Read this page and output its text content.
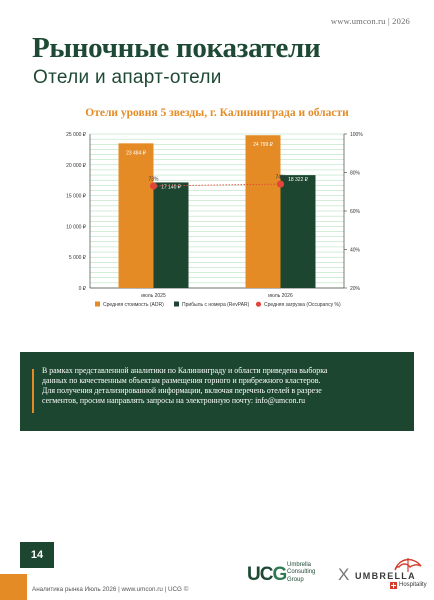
www.umcon.ru | 2026
Рыночные показатели
Отели и апарт-отели
Отели уровня 5 звезды, г. Калининграда и области
0 ₽
5 000 ₽
10 000 ₽
15 000 ₽
20 000 ₽
25 000 ₽
20%
40%
60%
80%
100%
23 484 ₽
17 140 ₽
июль 2025
24 799 ₽
18 322 ₽
июль 2026
73%	74%
Средняя стоимость (ADR)	Прибыль с номера (RevPAR)	Средняя загрузка (Occupancy %)

В рамках представленной аналитики по Калининграду и области приведена выборка
данных по качественным объектам размещения горного и прибрежного кластеров.
Для получения детализированной информации, включая перечень отелей в разрезе
сегментов, просим направлять запросы на электронную почту: info@umcon.ru

14
Аналитика рынка Июль 2026 | www.umcon.ru | UCG ©
UCG Umbrella
Consulting
Group	X UMBRELLA
Hospitality
